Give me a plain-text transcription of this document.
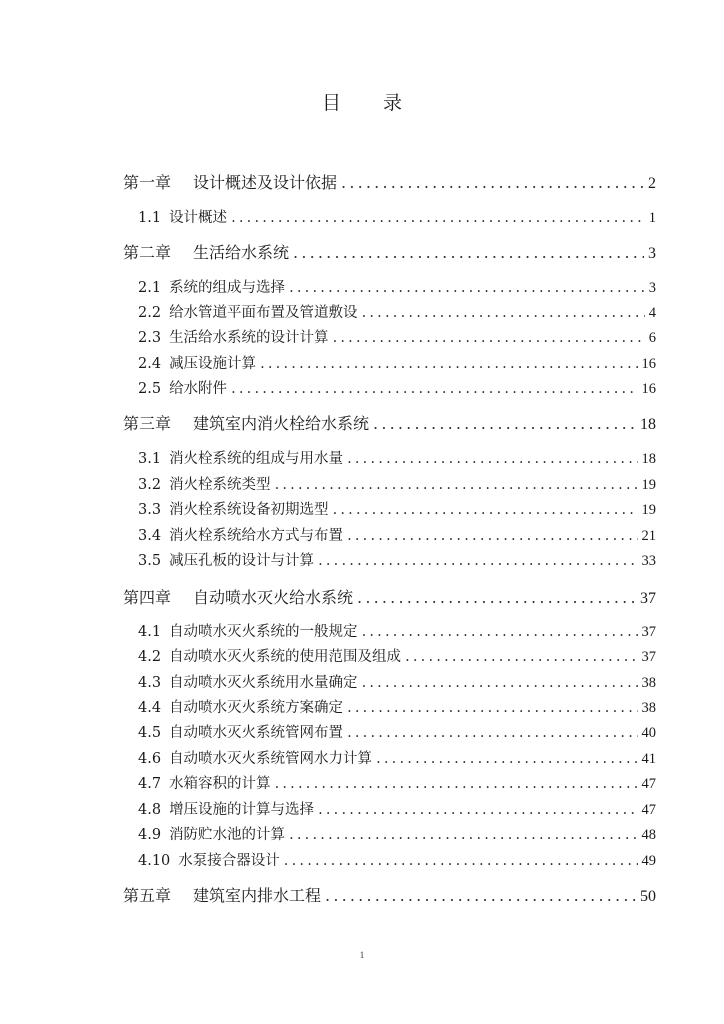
目 录
第一章 设计概述及设计依据 .....	2
1.1 设计概述 .....	1
第二章 生活给水系统 .....	3
2.1 系统的组成与选择 .....	3
2.2 给水管道平面布置及管道敷设 .....	4
2.3 生活给水系统的设计计算 .....	6
2.4 减压设施计算 .....	16
2.5 给水附件 .....	16
第三章 建筑室内消火栓给水系统 .....	18
3.1 消火栓系统的组成与用水量 .....	18
3.2 消火栓系统类型 .....	19
3.3 消火栓系统设备初期选型 .....	19
3.4 消火栓系统给水方式与布置 .....	21
3.5 减压孔板的设计与计算 .....	33
第四章 自动喷水灭火给水系统 .....	37
4.1 自动喷水灭火系统的一般规定 .....	37
4.2 自动喷水灭火系统的使用范围及组成 .....	37
4.3 自动喷水灭火系统用水量确定 .....	38
4.4 自动喷水灭火系统方案确定 .....	38
4.5 自动喷水灭火系统管网布置 .....	40
4.6 自动喷水灭火系统管网水力计算 .....	41
4.7 水箱容积的计算 .....	47
4.8 增压设施的计算与选择 .....	47
4.9 消防贮水池的计算 .....	48
4.10 水泵接合器设计 .....	49
第五章 建筑室内排水工程 .....	50
1
